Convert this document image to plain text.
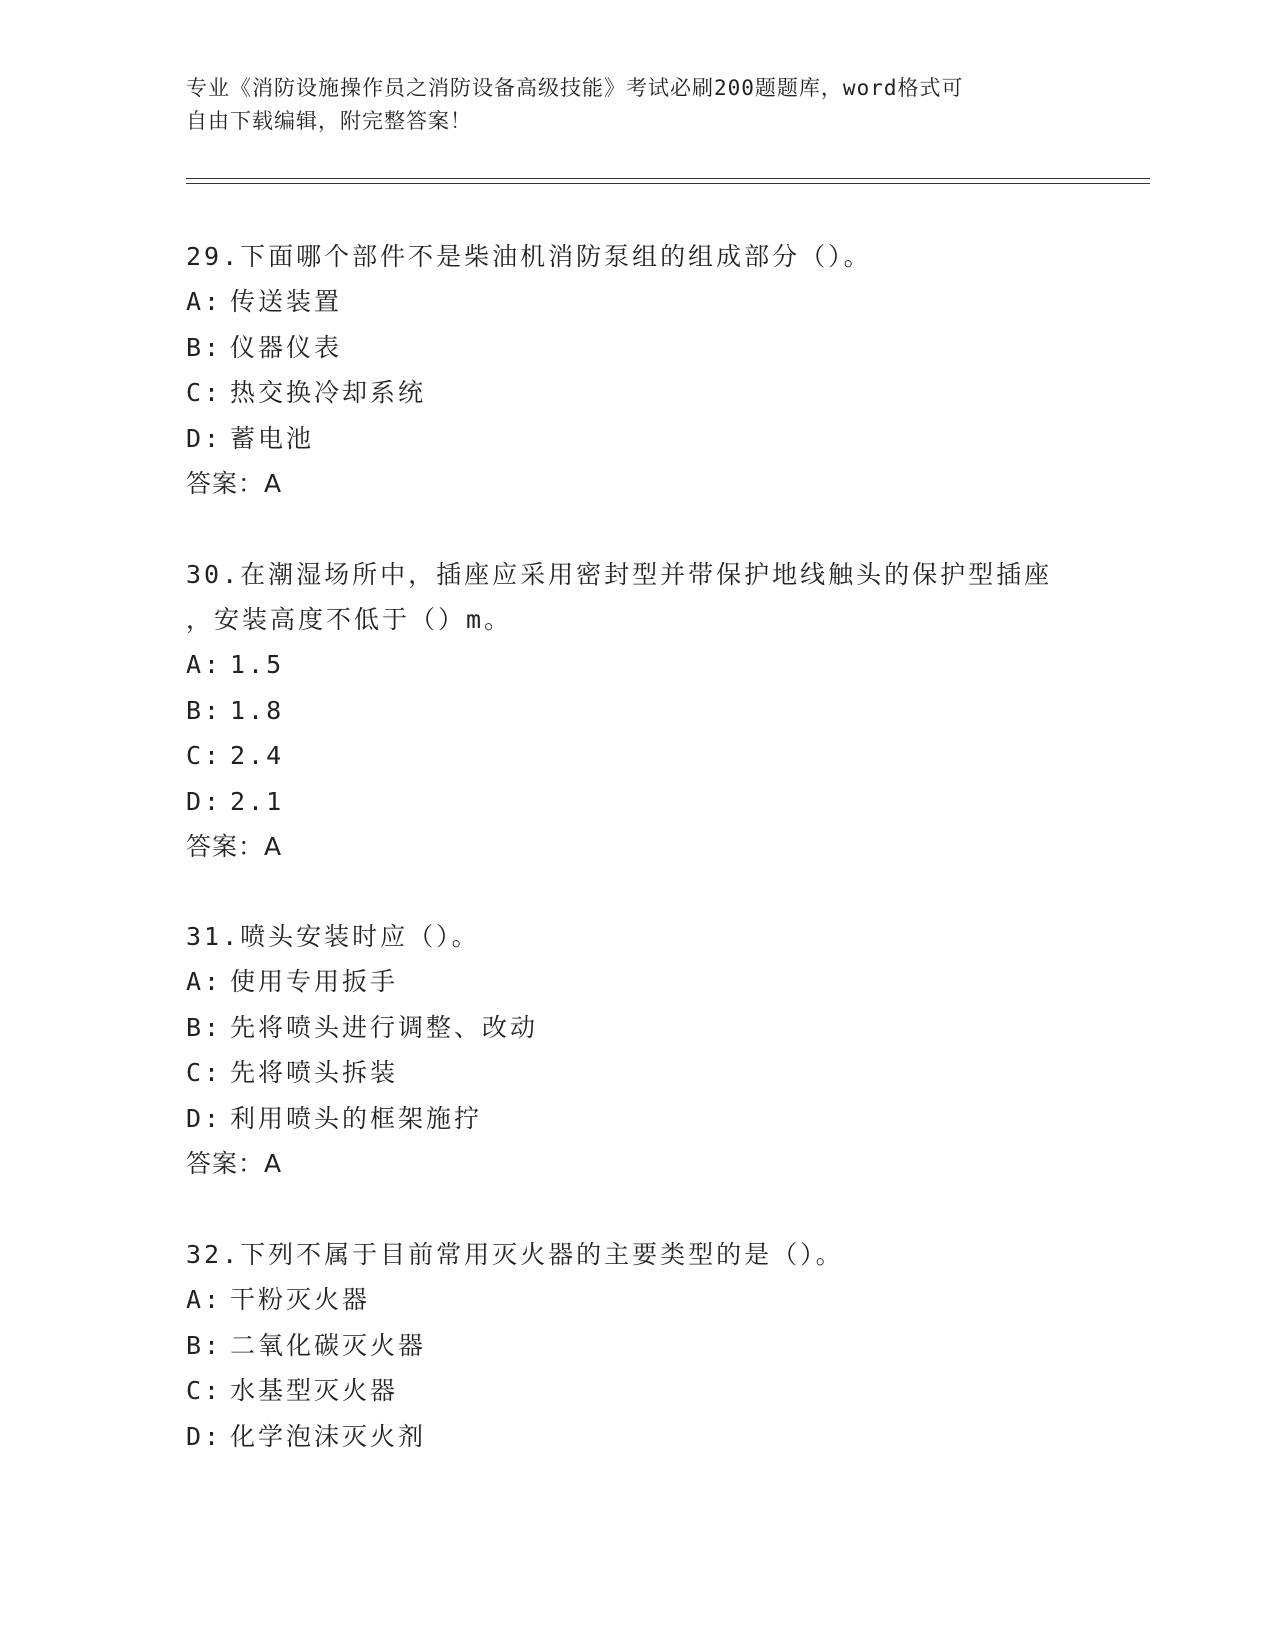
专业《消防设施操作员之消防设备高级技能》考试必刷200题题库，word格式可
自由下载编辑，附完整答案！
29.下面哪个部件不是柴油机消防泵组的组成部分（）。
A: 传送装置
B: 仪器仪表
C: 热交换冷却系统
D: 蓄电池
答案：A
30.在潮湿场所中，插座应采用密封型并带保护地线触头的保护型插座
，安装高度不低于（）m。
A: 1.5
B: 1.8
C: 2.4
D: 2.1
答案：A
31.喷头安装时应（）。
A: 使用专用扳手
B: 先将喷头进行调整、改动
C: 先将喷头拆装
D: 利用喷头的框架施拧
答案：A
32.下列不属于目前常用灭火器的主要类型的是（）。
A: 干粉灭火器
B: 二氧化碳灭火器
C: 水基型灭火器
D: 化学泡沫灭火剂
